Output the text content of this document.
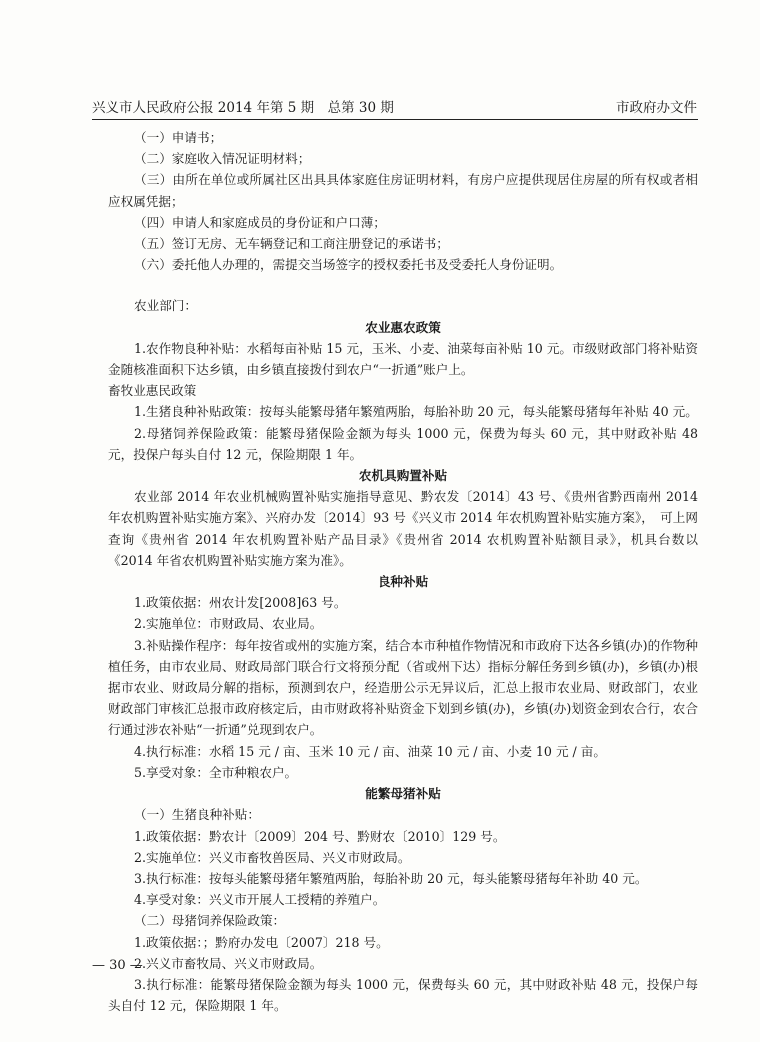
兴义市人民政府公报 2014 年第 5 期　总第 30 期	市政府办文件

（一）申请书；

（二）家庭收入情况证明材料；

（三）由所在单位或所属社区出具具体家庭住房证明材料，有房户应提供现居住房屋的所有权或者相应权属凭据；

（四）申请人和家庭成员的身份证和户口薄；

（五）签订无房、无车辆登记和工商注册登记的承诺书；

（六）委托他人办理的，需提交当场签字的授权委托书及受委托人身份证明。

农业部门：

农业惠农政策

1.农作物良种补贴：水稻每亩补贴 15 元，玉米、小麦、油菜每亩补贴 10 元。市级财政部门将补贴资金随核准面积下达乡镇，由乡镇直接拨付到农户“一折通”账户上。

畜牧业惠民政策

1.生猪良种补贴政策：按每头能繁母猪年繁殖两胎，每胎补助 20 元，每头能繁母猪每年补贴 40 元。

2.母猪饲养保险政策：能繁母猪保险金额为每头 1000 元，保费为每头 60 元，其中财政补贴 48 元，投保户每头自付 12 元，保险期限 1 年。

农机具购置补贴

农业部 2014 年农业机械购置补贴实施指导意见、黔农发〔2014〕43 号、《贵州省黔西南州 2014 年农机购置补贴实施方案》、兴府办发〔2014〕93 号《兴义市 2014 年农机购置补贴实施方案》，　可上网查询《贵州省 2014 年农机购置补贴产品目录》《贵州省 2014 农机购置补贴额目录》，机具台数以《2014 年省农机购置补贴实施方案为准》。

良种补贴

1.政策依据：州农计发[2008]63 号。

2.实施单位：市财政局、农业局。

3.补贴操作程序：每年按省或州的实施方案，结合本市种植作物情况和市政府下达各乡镇(办)的作物种植任务，由市农业局、财政局部门联合行文将预分配（省或州下达）指标分解任务到乡镇(办)，乡镇(办)根据市农业、财政局分解的指标，预测到农户，经造册公示无异议后，汇总上报市农业局、财政部门，农业财政部门审核汇总报市政府核定后，由市财政将补贴资金下划到乡镇(办)，乡镇(办)划资金到农合行，农合行通过涉农补贴“一折通”兑现到农户。

4.执行标准：水稻 15 元 / 亩、玉米 10 元 / 亩、油菜 10 元 / 亩、小麦 10 元 / 亩。

5.享受对象：全市种粮农户。

能繁母猪补贴

（一）生猪良种补贴：

1.政策依据：黔农计〔2009〕204 号、黔财农〔2010〕129 号。

2.实施单位：兴义市畜牧兽医局、兴义市财政局。

3.执行标准：按每头能繁母猪年繁殖两胎，每胎补助 20 元，每头能繁母猪每年补助 40 元。

4.享受对象：兴义市开展人工授精的养殖户。

（二）母猪饲养保险政策：

1.政策依据：；黔府办发电〔2007〕218 号。

2.兴义市畜牧局、兴义市财政局。

3.执行标准：能繁母猪保险金额为每头 1000 元，保费每头 60 元，其中财政补贴 48 元，投保户每头自付 12 元，保险期限 1 年。

— 30 —
